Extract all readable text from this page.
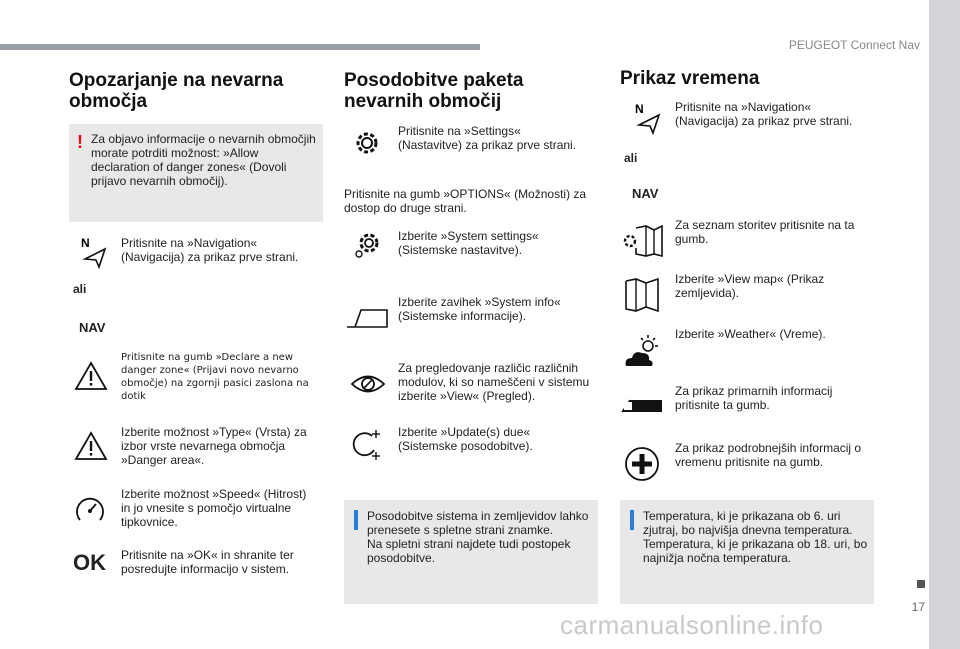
PEUGEOT Connect Nav
17
carmanualsonline.info
Opozarjanje na nevarna območja
! Za objavo informacije o nevarnih območjih morate potrditi možnost: »Allow declaration of danger zones« (Dovoli prijavo nevarnih območij).
N	Pritisnite na »Navigation« (Navigacija) za prikaz prve strani.
ali
NAV
Pritisnite na gumb »Declare a new danger zone« (Prijavi novo nevarno območje) na zgornji pasici zaslona na dotik
Izberite možnost »Type« (Vrsta) za izbor vrste nevarnega območja »Danger area«.
Izberite možnost »Speed« (Hitrost) in jo vnesite s pomočjo virtualne tipkovnice.
OK Pritisnite na »OK« in shranite ter posredujte informacijo v sistem.
Posodobitve paketa nevarnih območij
Pritisnite na »Settings« (Nastavitve) za prikaz prve strani.
Pritisnite na gumb »OPTIONS« (Možnosti) za dostop do druge strani.
Izberite »System settings« (Sistemske nastavitve).
Izberite zavihek »System info« (Sistemske informacije).
Za pregledovanje različic različnih modulov, ki so nameščeni v sistemu izberite »View« (Pregled).
Izberite »Update(s) due« (Sistemske posodobitve).
Posodobitve sistema in zemljevidov lahko prenesete s spletne strani znamke.
Na spletni strani najdete tudi postopek posodobitve.
Prikaz vremena
N	Pritisnite na »Navigation« (Navigacija) za prikaz prve strani.
ali
NAV
Za seznam storitev pritisnite na ta gumb.
Izberite »View map« (Prikaz zemljevida).
Izberite »Weather« (Vreme).
Za prikaz primarnih informacij pritisnite ta gumb.
Za prikaz podrobnejših informacij o vremenu pritisnite na gumb.
Temperatura, ki je prikazana ob 6. uri zjutraj, bo najvišja dnevna temperatura. Temperatura, ki je prikazana ob 18. uri, bo najnižja nočna temperatura.
